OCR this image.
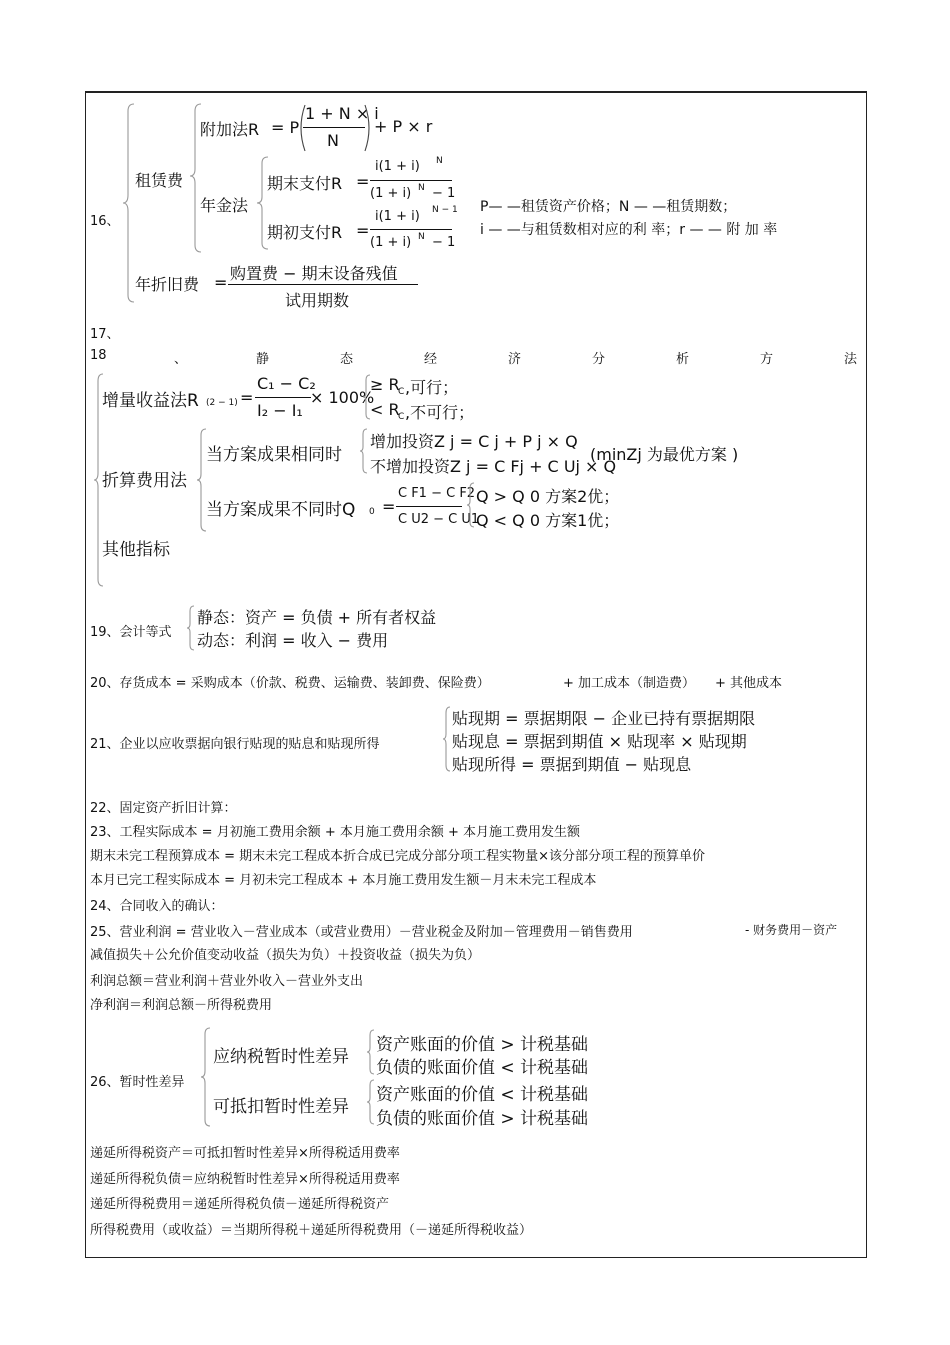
16、
租赁费
附加法R = P
1 + N × i
N
+ P × r
年金法
期末支付R =
i(1 + i) N
(1 + i) N − 1
期初支付R =
i(1 + i) N − 1
(1 + i) N − 1
P— —租赁资产价格；N — —租赁期数；
i — —与租赁数相对应的利 率；r — — 附 加 率
年折旧费 = 购置费 − 期末设备残值
试用期数
17、
18	、	静	态	经	济	分	析	方	法
增量收益法R (2 − 1) =
C₁ − C₂
I₂ − I₁
× 100%
≥ R
C ,可行；
< R
C ,不可行；
折算费用法
当方案成果相同时
增加投资Z j = C j + P j × Q
不增加投资Z j = C Fj + C Uj × Q
(minZj 为最优方案 )
当方案成果不同时Q 0 =
C F1 − C F2
C U2 − C U1
Q > Q 0 方案2优；
Q < Q 0 方案1优；
其他指标
19、会计等式
静态：资产 = 负债 + 所有者权益
动态：利润 = 收入 − 费用
20、存货成本 = 采购成本（价款、税费、运输费、装卸费、保险费）	+ 加工成本（制造费） + 其他成本
21、企业以应收票据向银行贴现的贴息和贴现所得
贴现期 = 票据期限 − 企业已持有票据期限
贴现息 = 票据到期值 × 贴现率 × 贴现期
贴现所得 = 票据到期值 − 贴现息
22、固定资产折旧计算：
23、工程实际成本 = 月初施工费用余额 + 本月施工费用余额 + 本月施工费用发生额
期末未完工程预算成本 = 期末未完工程成本折合成已完成分部分项工程实物量×该分部分项工程的预算单价
本月已完工程实际成本 = 月初未完工程成本 + 本月施工费用发生额－月末未完工程成本
24、合同收入的确认：
25、营业利润 = 营业收入－营业成本（或营业费用）－营业税金及附加－管理费用－销售费用	- 财务费用－资产
减值损失＋公允价值变动收益（损失为负）＋投资收益（损失为负）
利润总额＝营业利润＋营业外收入－营业外支出
净利润＝利润总额－所得税费用
26、暂时性差异
应纳税暂时性差异
资产账面的价值 > 计税基础
负债的账面价值 < 计税基础
可抵扣暂时性差异
资产账面的价值 < 计税基础
负债的账面价值 > 计税基础
递延所得税资产＝可抵扣暂时性差异×所得税适用费率
递延所得税负债＝应纳税暂时性差异×所得税适用费率
递延所得税费用＝递延所得税负债－递延所得税资产
所得税费用（或收益）＝当期所得税＋递延所得税费用（－递延所得税收益）
